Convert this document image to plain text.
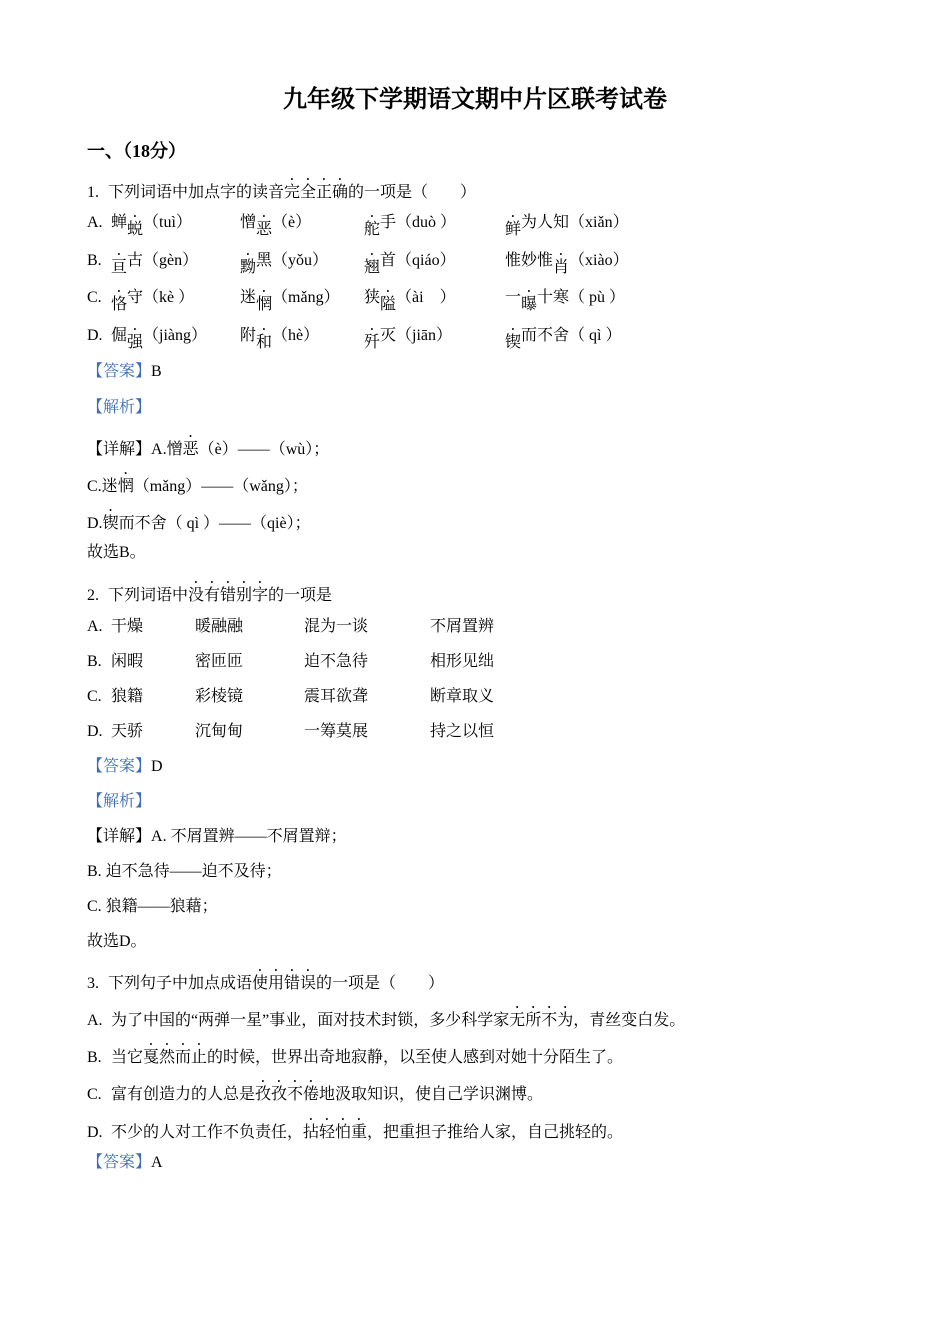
九年级下学期语文期中片区联考试卷
一、（18分）
1. 下列词语中加点字的读音 完全正确 的一项是（　　）
A. 蝉 蜕 （tuì）	憎 恶 （è）	舵 手（duò ）	鲜 为人知（xiǎn）
B. 亘 古（gèn）	黝 黑（yǒu） 翘 首（qiáo）	惟妙惟 肖 （xiào）
C. 恪 守（kè ）	迷 惘 （mǎng） 狭 隘 （ài　）	一 曝 十寒（ pù ）
D. 倔 强 （jiàng） 附 和 （hè）	歼 灭（jiān）	锲 而不舍（ qì ）
【答案】 B
【解析】
【详解】 A.憎 恶 （è）——（wù）；
C.迷 惘 （mǎng）——（wǎng）；
D. 锲 而不舍（ qì ）——（qiè）；
故选B。
2. 下列词语中 没有错别字 的一项是
A. 干燥	暖融融	混为一谈	不屑置辨
B. 闲暇	密匝匝	迫不急待	相形见绌
C. 狼籍	彩棱镜	震耳欲聋	断章取义
D. 天骄	沉甸甸	一筹莫展	持之以恒
【答案】 D
【解析】
【详解】 A. 不屑置辨——不屑置辩；
B. 迫不急待——迫不及待；
C. 狼籍——狼藉；
故选D。
3. 下列句子中加点成语 使用错误 的一项是（　　）
A. 为了中国的“两弹一星”事业，面对技术封锁，多少科学家 无所不为 ，青丝变白发。
B. 当它 戛然而止 的时候，世界出奇地寂静，以至使人感到对她十分陌生了。
C. 富有创造力的人总是 孜孜不倦 地汲取知识，使自己学识渊博。
D. 不少的人对工作不负责任， 拈轻怕重 ，把重担子推给人家，自己挑轻的。
【答案】 A
